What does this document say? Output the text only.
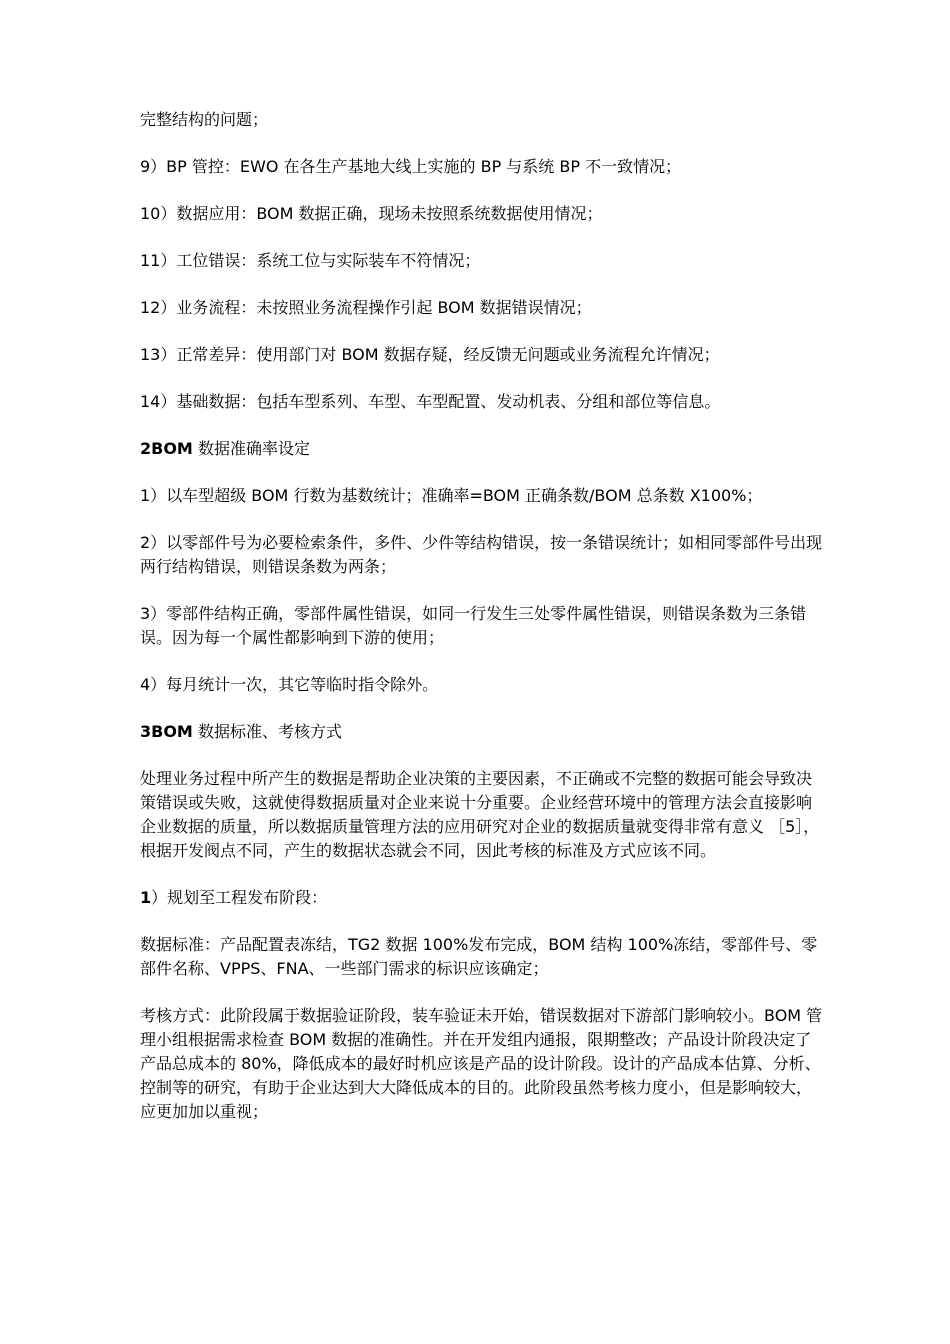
完整结构的问题；

9）BP 管控：EWO 在各生产基地大线上实施的 BP 与系统 BP 不一致情况；

10）数据应用：BOM 数据正确，现场未按照系统数据使用情况；

11）工位错误：系统工位与实际装车不符情况；

12）业务流程：未按照业务流程操作引起 BOM 数据错误情况；

13）正常差异：使用部门对 BOM 数据存疑，经反馈无问题或业务流程允许情况；

14）基础数据：包括车型系列、车型、车型配置、发动机表、分组和部位等信息。

2BOM 数据准确率设定

1）以车型超级 BOM 行数为基数统计；准确率=BOM 正确条数/BOM 总条数 X100%；

2）以零部件号为必要检索条件，多件、少件等结构错误，按一条错误统计；如相同零部件号出现两行结构错误，则错误条数为两条；

3）零部件结构正确，零部件属性错误，如同一行发生三处零件属性错误，则错误条数为三条错误。因为每一个属性都影响到下游的使用；

4）每月统计一次，其它等临时指令除外。

3BOM 数据标准、考核方式

处理业务过程中所产生的数据是帮助企业决策的主要因素，不正确或不完整的数据可能会导致决策错误或失败，这就使得数据质量对企业来说十分重要。企业经营环境中的管理方法会直接影响企业数据的质量，所以数据质量管理方法的应用研究对企业的数据质量就变得非常有意义 ［5］，根据开发阀点不同，产生的数据状态就会不同，因此考核的标准及方式应该不同。

1）规划至工程发布阶段：

数据标准：产品配置表冻结，TG2 数据 100%发布完成，BOM 结构 100%冻结，零部件号、零部件名称、VPPS、FNA、一些部门需求的标识应该确定；

考核方式：此阶段属于数据验证阶段，装车验证未开始，错误数据对下游部门影响较小。BOM 管理小组根据需求检查 BOM 数据的准确性。并在开发组内通报，限期整改；产品设计阶段决定了产品总成本的 80%，降低成本的最好时机应该是产品的设计阶段。设计的产品成本估算、分析、控制等的研究，有助于企业达到大大降低成本的目的。此阶段虽然考核力度小，但是影响较大，应更加加以重视；
